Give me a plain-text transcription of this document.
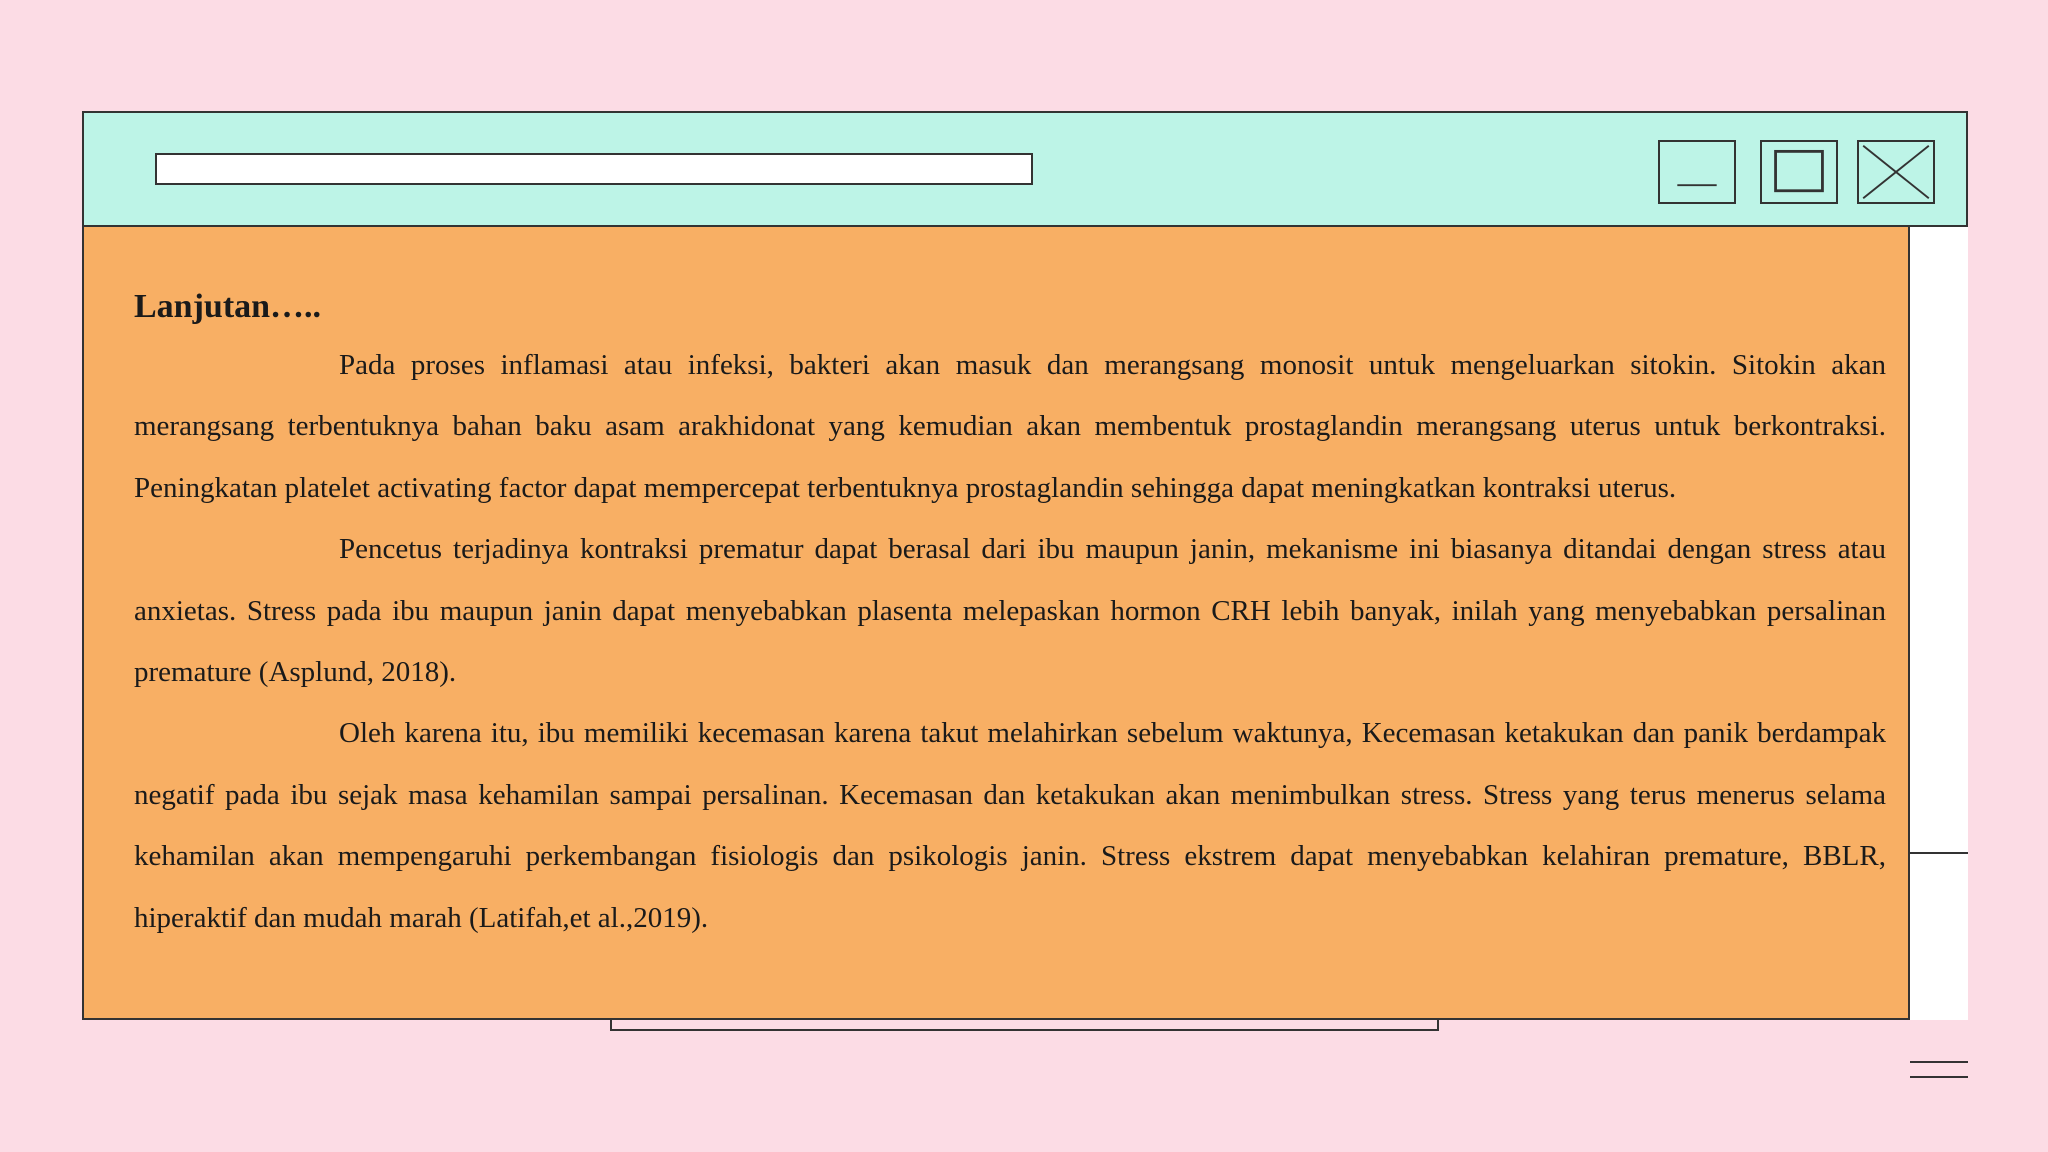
Lanjutan…..

Pada proses inflamasi atau infeksi, bakteri akan masuk dan merangsang monosit untuk mengeluarkan sitokin. Sitokin akan merangsang terbentuknya bahan baku asam arakhidonat yang kemudian akan membentuk prostaglandin merangsang uterus untuk berkontraksi. Peningkatan platelet activating factor dapat mempercepat terbentuknya prostaglandin sehingga dapat meningkatkan kontraksi uterus.

Pencetus terjadinya kontraksi prematur dapat berasal dari ibu maupun janin, mekanisme ini biasanya ditandai dengan stress atau anxietas. Stress pada ibu maupun janin dapat menyebabkan plasenta melepaskan hormon CRH lebih banyak, inilah yang menyebabkan persalinan premature (Asplund, 2018).

Oleh karena itu, ibu memiliki kecemasan karena takut melahirkan sebelum waktunya, Kecemasan ketakukan dan panik berdampak negatif pada ibu sejak masa kehamilan sampai persalinan. Kecemasan dan ketakukan akan menimbulkan stress. Stress yang terus menerus selama kehamilan akan mempengaruhi perkembangan fisiologis dan psikologis janin. Stress ekstrem dapat menyebabkan kelahiran premature, BBLR, hiperaktif dan mudah marah (Latifah,et al.,2019).
